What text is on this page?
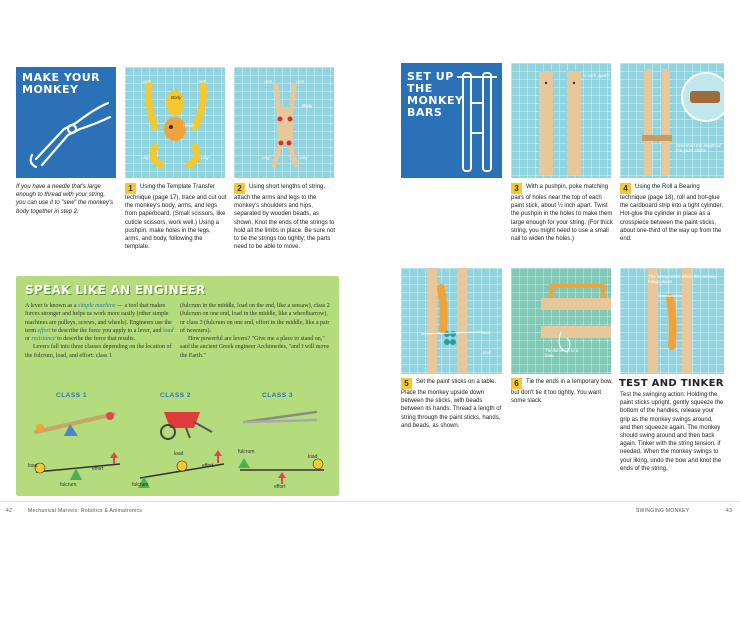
MAKE YOUR
MONKEY
Arm	Arm
Body
Head
Leg	Leg
Arm	Arm
Body
Leg	Leg
If you have a needle that's large enough to thread with your string, you can use it to "sew" the monkey's body together in step 2.
1 Using the Template Transfer technique (page 17), trace and cut out the monkey's body, arms, and legs from paperboard. (Small scissors, like cuticle scissors, work well.) Using a pushpin, make holes in the legs, arms, and body, following the template.
2 Using short lengths of string, attach the arms and legs to the monkey's shoulders and hips, separated by wooden beads, as shown. Knot the ends of the strings to hold all the limbs in place. Be sure not to tie the strings too tightly; the parts need to be able to move.
SPEAK LIKE AN ENGINEER

A lever is known as a simple machine — a tool that makes forces stronger and helps us work more easily (other simple machines are pulleys, screws, and wheels). Engineers use the term effort to describe the force you apply to a lever, and load or resistance to describe the force that results.

Levers fall into three classes depending on the location of the fulcrum, load, and effort: class 1

(fulcrum in the middle, load on the end, like a seesaw), class 2 (fulcrum on one end, load in the middle, like a wheelbarrow), or class 3 (fulcrum on one end, effort in the middle, like a pair of tweezers).

How powerful are levers? "Give me a place to stand on," said the ancient Greek engineer Archimedes, "and I will move the Earth."

CLASS 1	CLASS 2	CLASS 3
load	effort
fulcrum
load
effort
fulcrum
fulcrum
load
effort
SET UP
THE
MONKEY
BARS
½ inch apart!
One-third the length of the paint sticks
3 With a pushpin, poke matching pairs of holes near the top of each paint stick, about ½ inch apart. Twist the pushpin in the holes to make them large enough for your string. (For thick string, you might need to use a small nail to widen the holes.)
4 Using the Roll a Bearing technique (page 18), roll and hot-glue the cardboard strip into a tight cylinder. Hot-glue the cylinder in place as a crosspiece between the paint sticks, about one-third of the way up from the end.
Start
End	Tie the ends in a bow.
The string twists when the monkey hangs down.
5 Set the paint sticks on a table. Place the monkey upside down between the sticks, with beads between its hands. Thread a length of string through the paint sticks, hands, and beads, as shown.
6 Tie the ends in a temporary bow, but don't tie it too tightly. You want some slack.
TEST AND TINKER
Test the swinging action: Holding the paint sticks upright, gently squeeze the bottom of the handles, release your grip as the monkey swings around, and then squeeze again. The monkey should swing around and then back again. Tinker with the string tension, if needed. When the monkey swings to your liking, undo the bow and knot the ends of the string.
42	Mechanical Marvels: Robotics & Animatronics	SWINGING MONKEY	43
